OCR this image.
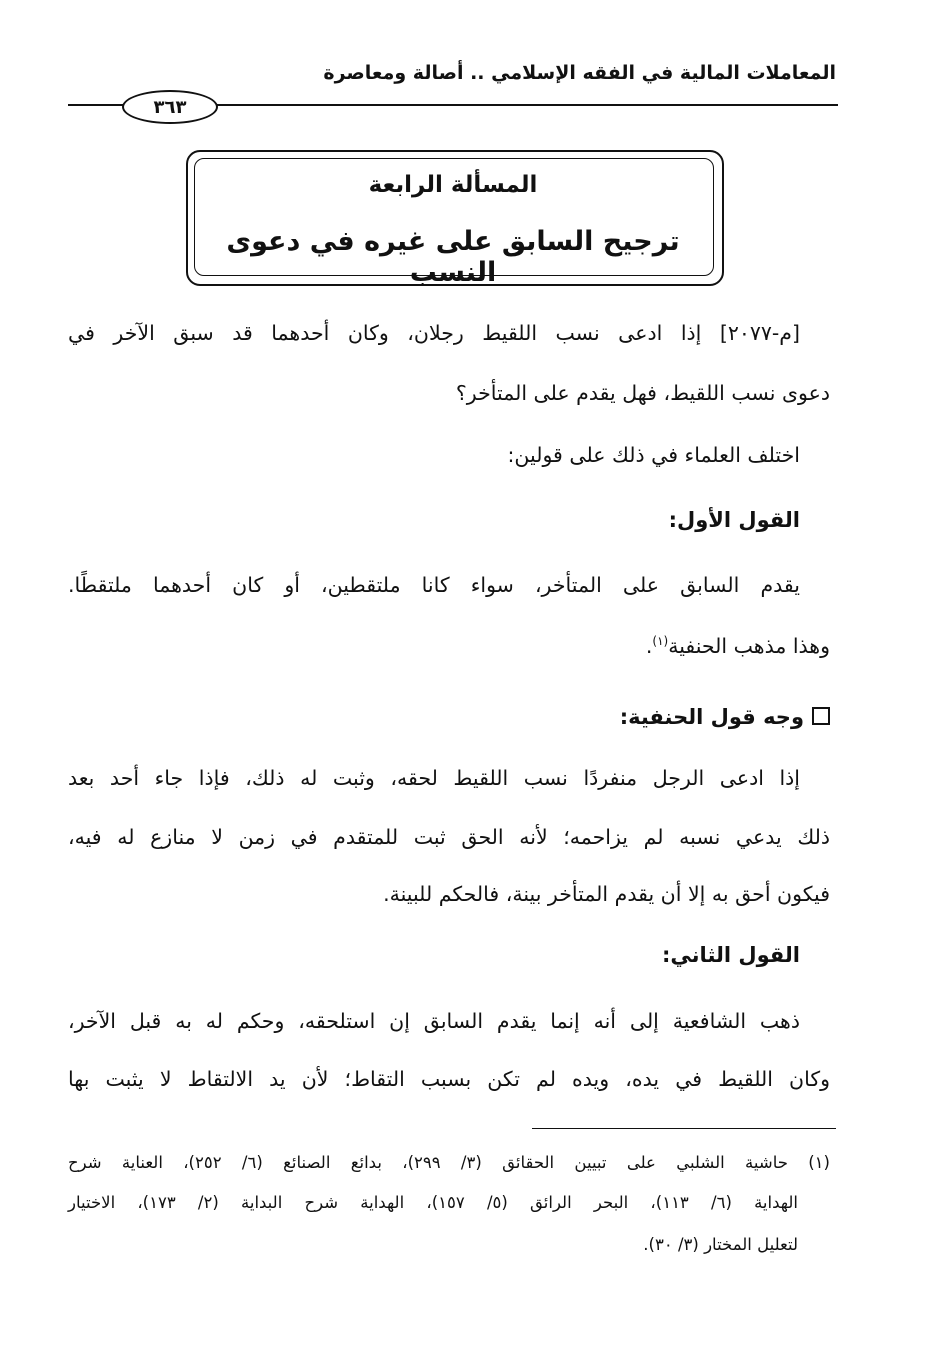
المعاملات المالية في الفقه الإسلامي .. أصالة ومعاصرة
٣٦٣
المسألة الرابعة
ترجيح السابق على غيره في دعوى النسب
[م-٢٠٧٧] إذا ادعى نسب اللقيط رجلان، وكان أحدهما قد سبق الآخر في
دعوى نسب اللقيط، فهل يقدم على المتأخر؟
اختلف العلماء في ذلك على قولين:
القول الأول:
يقدم السابق على المتأخر، سواء كانا ملتقطين، أو كان أحدهما ملتقطًا.
وهذا مذهب الحنفية$^{(١)}$.
وجه قول الحنفية:
إذا ادعى الرجل منفردًا نسب اللقيط لحقه، وثبت له ذلك، فإذا جاء أحد بعد
ذلك يدعي نسبه لم يزاحمه؛ لأنه الحق ثبت للمتقدم في زمن لا منازع له فيه،
فيكون أحق به إلا أن يقدم المتأخر بينة، فالحكم للبينة.
القول الثاني:
ذهب الشافعية إلى أنه إنما يقدم السابق إن استلحقه، وحكم له به قبل الآخر،
وكان اللقيط في يده، ويده لم تكن بسبب التقاط؛ لأن يد الالتقاط لا يثبت بها
(١) حاشية الشلبي على تبيين الحقائق (٣/ ٢٩٩)، بدائع الصنائع (٦/ ٢٥٢)، العناية شرح
الهداية (٦/ ١١٣)، البحر الرائق (٥/ ١٥٧)، الهداية شرح البداية (٢/ ١٧٣)، الاختيار
لتعليل المختار (٣/ ٣٠).
